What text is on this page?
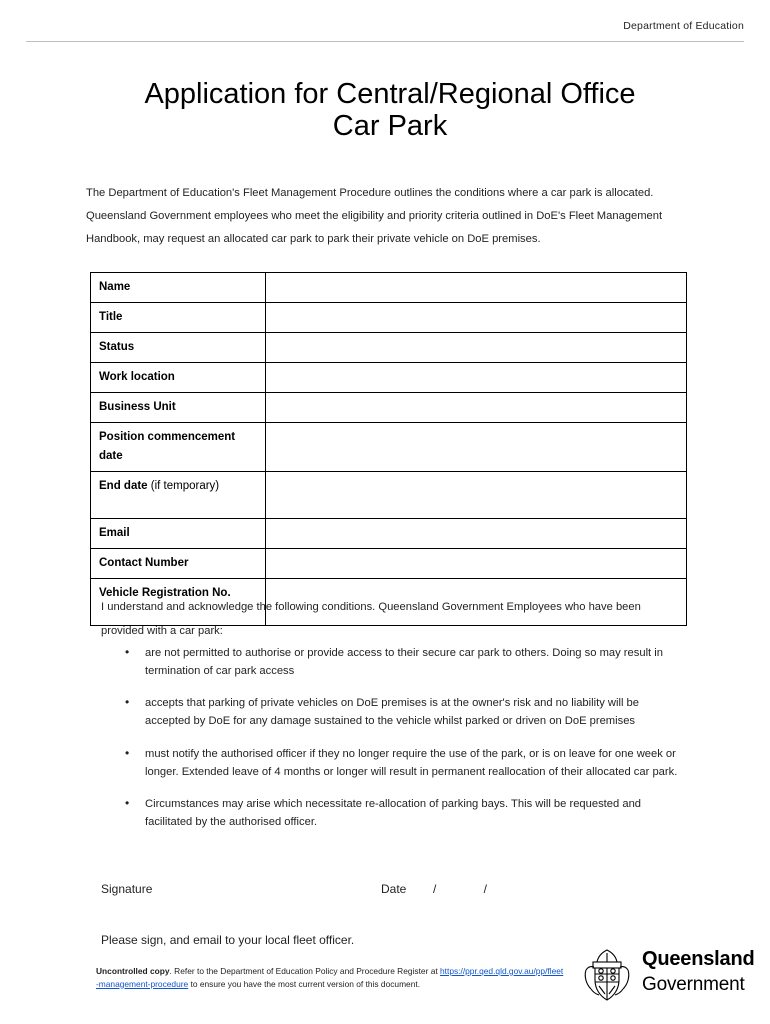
Department of Education
Application for Central/Regional Office
Car Park
The Department of Education's Fleet Management Procedure outlines the conditions where a car park is allocated. Queensland Government employees who meet the eligibility and priority criteria outlined in DoE's Fleet Management Handbook, may request an allocated car park to park their private vehicle on DoE premises.
Name	
Title	
Status	
Work location	
Business Unit	
Position commencement date	
End date (if temporary)	
Email	
Contact Number	
Vehicle Registration No.	
I understand and acknowledge the following conditions. Queensland Government Employees who have been provided with a car park:
• are not permitted to authorise or provide access to their secure car park to others. Doing so may result in termination of car park access
• accepts that parking of private vehicles on DoE premises is at the owner's risk and no liability will be accepted by DoE for any damage sustained to the vehicle whilst parked or driven on DoE premises
• must notify the authorised officer if they no longer require the use of the park, or is on leave for one week or longer. Extended leave of 4 months or longer will result in permanent reallocation of their allocated car park.
• Circumstances may arise which necessitate re-allocation of parking bays. This will be requested and facilitated by the authorised officer.
Signature	Date / /
Please sign, and email to your local fleet officer.
Uncontrolled copy. Refer to the Department of Education Policy and Procedure Register at https://ppr.qed.qld.gov.au/pp/fleet-management-procedure to ensure you have the most current version of this document.
Queensland
Government
